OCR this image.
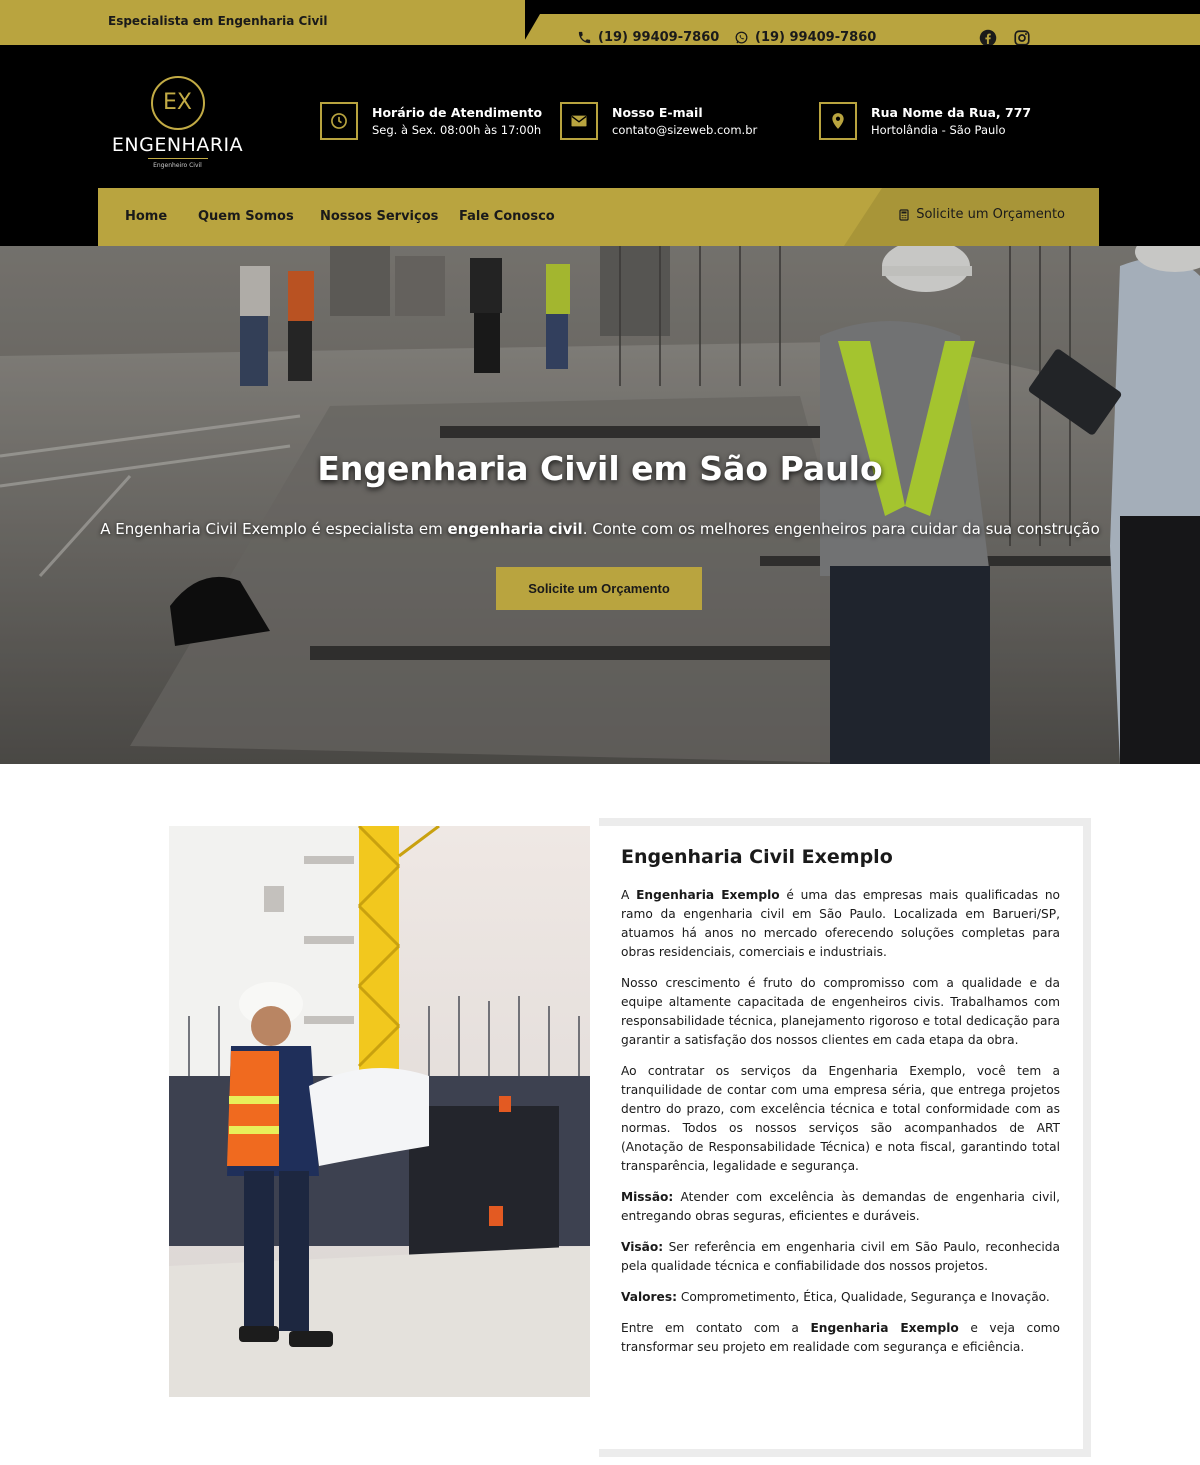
Especialista em Engenharia Civil
(19) 99409-7860	(19) 99409-7860
EX
ENGENHARIA
Engenheiro Civil
Horário de Atendimento
Seg. à Sex. 08:00h às 17:00h
Nosso E-mail
contato@sizeweb.com.br
Rua Nome da Rua, 777
Hortolândia - São Paulo
Home Quem Somos Nossos Serviços Fale Conosco	Solicite um Orçamento
Engenharia Civil em São Paulo
A Engenharia Civil Exemplo é especialista em engenharia civil. Conte com os melhores engenheiros para cuidar da sua construção
Solicite um Orçamento
Engenharia Civil Exemplo

A Engenharia Exemplo é uma das empresas mais qualificadas no ramo da engenharia civil em São Paulo. Localizada em Barueri/SP, atuamos há anos no mercado oferecendo soluções completas para obras residenciais, comerciais e industriais.

Nosso crescimento é fruto do compromisso com a qualidade e da equipe altamente capacitada de engenheiros civis. Trabalhamos com responsabilidade técnica, planejamento rigoroso e total dedicação para garantir a satisfação dos nossos clientes em cada etapa da obra.

Ao contratar os serviços da Engenharia Exemplo, você tem a tranquilidade de contar com uma empresa séria, que entrega projetos dentro do prazo, com excelência técnica e total conformidade com as normas. Todos os nossos serviços são acompanhados de ART (Anotação de Responsabilidade Técnica) e nota fiscal, garantindo total transparência, legalidade e segurança.

Missão: Atender com excelência às demandas de engenharia civil, entregando obras seguras, eficientes e duráveis.

Visão: Ser referência em engenharia civil em São Paulo, reconhecida pela qualidade técnica e confiabilidade dos nossos projetos.

Valores: Comprometimento, Ética, Qualidade, Segurança e Inovação.

Entre em contato com a Engenharia Exemplo e veja como transformar seu projeto em realidade com segurança e eficiência.
